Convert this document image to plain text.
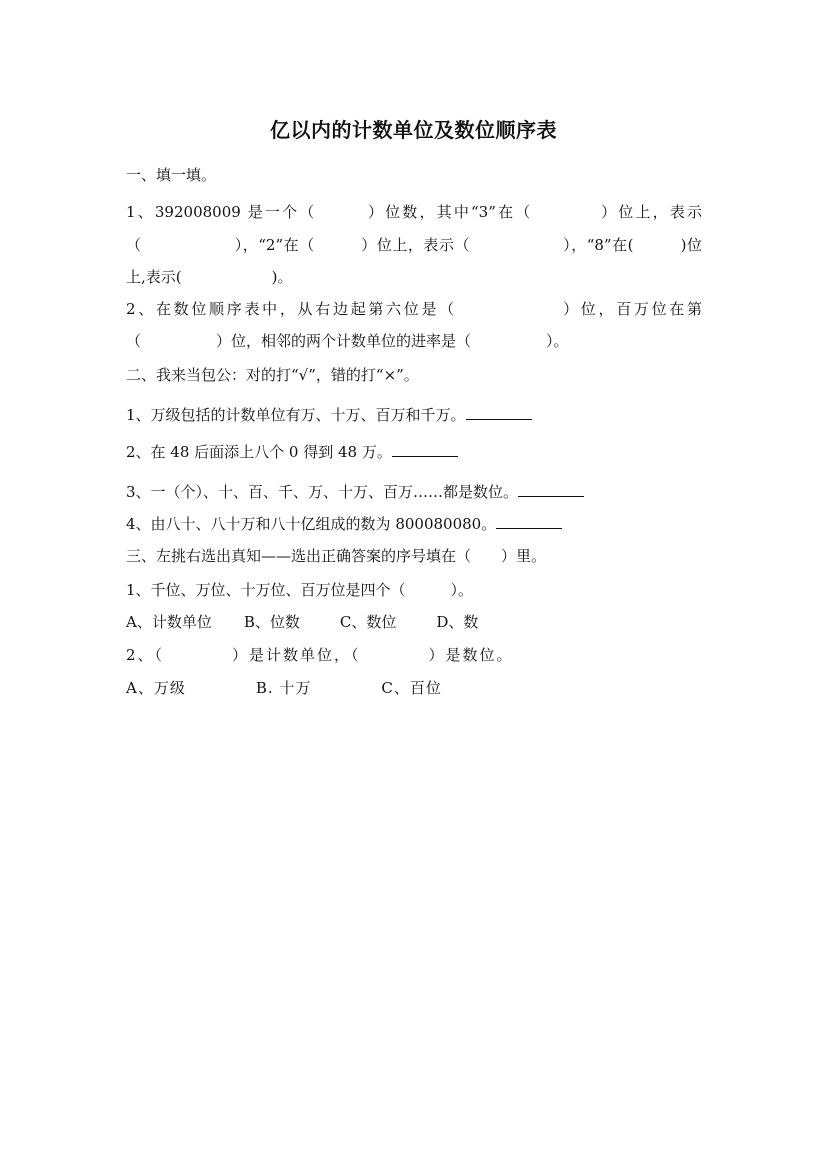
亿以内的计数单位及数位顺序表
一、填一填。
1、392008009 是一个（　　　）位数，其中“3”在（　　　　）位上，表示
（　　　　　　），“2”在（　　　）位上，表示（　　　　　　），“8”在(　　　)位
上,表示(　　　　　　)。
2、在数位顺序表中，从右边起第六位是（　　　　　　）位，百万位在第
（　　　　　）位，相邻的两个计数单位的进率是（　　　　　）。
二、我来当包公：对的打“√”，错的打“×”。
1、万级包括的计数单位有万、十万、百万和千万。
2、在 48 后面添上八个 0 得到 48 万。
3、一（个）、十、百、千、万、十万、百万……都是数位。
4、由八十、八十万和八十亿组成的数为 800080080。
三、左挑右选出真知——选出正确答案的序号填在（　　）里。
1、千位、万位、十万位、百万位是四个（　　　）。
A、计数单位 B、位数	C、数位	D、数
2、（　　　　）是计数单位，（　　　　）是数位。
A、万级	B. 十万	C、百位
